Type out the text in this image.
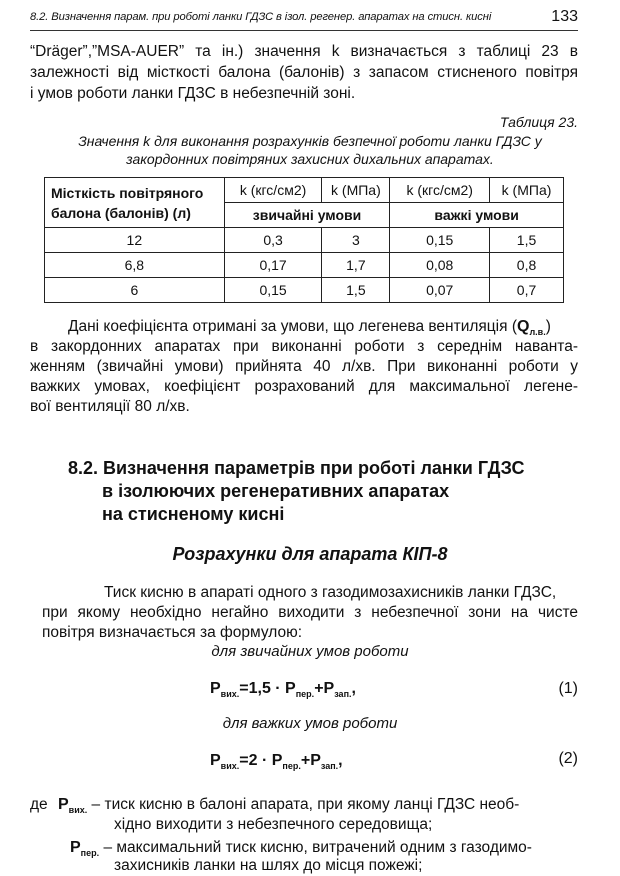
8.2. Визначення парам. при роботі ланки ГДЗС в ізол. регенер. апаратах на стисн. кисні	133
“Dräger”,”MSA-AUER” та ін.) значення k визначається з таблиці 23 в
залежності від місткості балона (балонів) з запасом стисненого повітря
і умов роботи ланки ГДЗС в небезпечній зоні.
Таблиця 23.
Значення k для виконання розрахунків безпечної роботи ланки ГДЗС у
закордонних повітряних захисних дихальних апаратах.
Місткість повітряного
балона (балонів) (л)	k (кгс/см2)	k (МПа)	k (кгс/см2)	k (МПа)
	звичайні умови		важкі умови	
12	0,3	3	0,15	1,5
6,8	0,17	1,7	0,08	0,8
6	0,15	1,5	0,07	0,7
Дані коефіцієнта отримані за умови, що легенева вентиляція $(Q_{л.в.})$
в закордонних апаратах при виконанні роботи з середнім наванта-
женням (звичайні умови) прийнята 40 л/хв. При виконанні роботи у
важких умовах, коефіцієнт розрахований для максимальної легене-
вої вентиляції 80 л/хв.
8.2. Визначення параметрів при роботі ланки ГДЗС
в ізолюючих регенеративних апаратах
на стисненому кисні
Розрахунки для апарата КІП-8
Тиск кисню в апараті одного з газодимозахисників ланки ГДЗС,
при якому необхідно негайно виходити з небезпечної зони на чисте
повітря визначається за формулою:
для звичайних умов роботи
$P_{вих.}=1,5 \cdot P_{пер.}+P_{зап.}$,	(1)
для важких умов роботи
$P_{вих.}=2 \cdot P_{пер.}+P_{зап.}$,	(2)
де $P_{вих.}$ – тиск кисню в балоні апарата, при якому ланці ГДЗС необ-
хідно виходити з небезпечного середовища;
$P_{пер.}$ – максимальний тиск кисню, витрачений одним з газодимо-
захисників ланки на шлях до місця пожежі;
